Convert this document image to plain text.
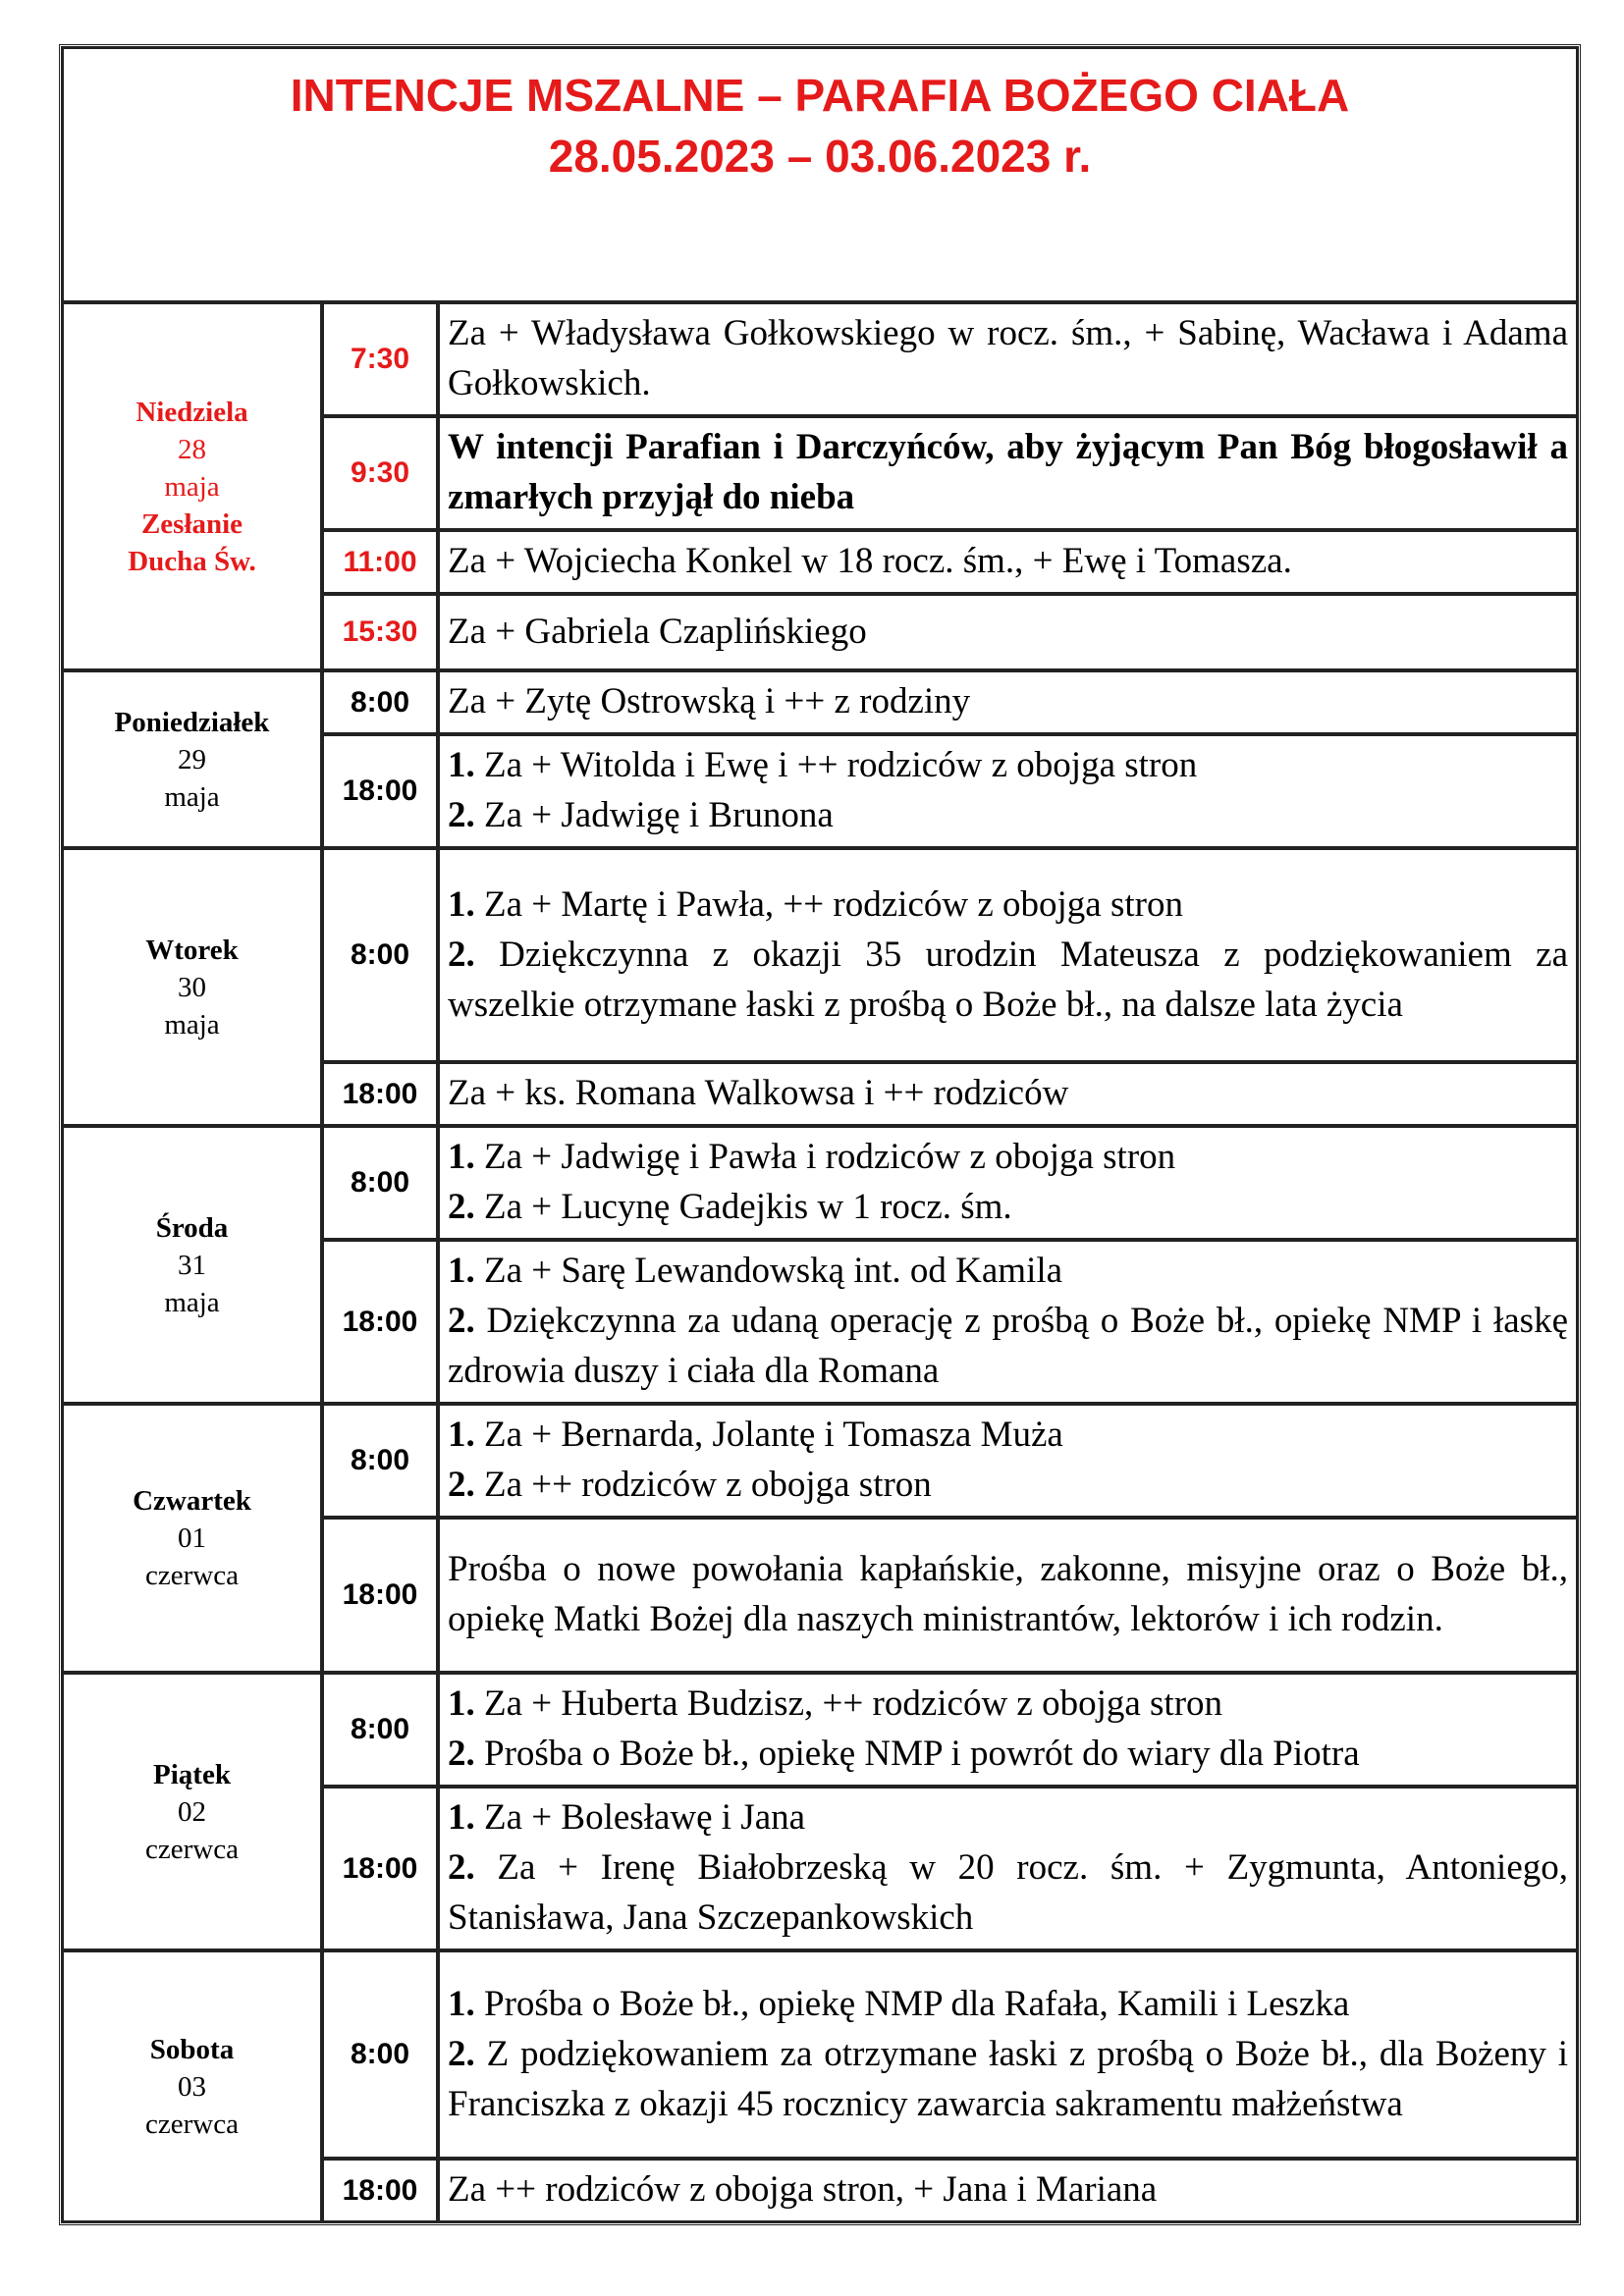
INTENCJE MSZALNE – PARAFIA BOŻEGO CIAŁA
28.05.2023 – 03.06.2023 r.		

Niedziela
28
maja
Zesłanie
Ducha Św.	7:30	Za + Władysława Gołkowskiego w rocz. śm., + Sabinę, Wacława i Adama Gołkowskich.

	9:30	W intencji Parafian i Darczyńców, aby żyjącym Pan Bóg błogosławił a zmarłych przyjął do nieba

	11:00	Za + Wojciecha Konkel w 18 rocz. śm., + Ewę i Tomasza.

	15:30	Za + Gabriela Czaplińskiego

Poniedziałek
29
maja	8:00	Za + Zytę Ostrowską i ++ z rodziny

	18:00	1. Za + Witolda i Ewę i ++ rodziców z obojga stron
2. Za + Jadwigę i Brunona

Wtorek
30
maja	8:00	1. Za + Martę i Pawła, ++ rodziców z obojga stron
2. Dziękczynna z okazji 35 urodzin Mateusza z podziękowaniem za wszelkie otrzymane łaski z prośbą o Boże bł., na dalsze lata życia

	18:00	Za + ks. Romana Walkowsa i ++ rodziców

Środa
31
maja	8:00	1. Za + Jadwigę i Pawła i rodziców z obojga stron
2. Za + Lucynę Gadejkis w 1 rocz. śm.

	18:00	1. Za + Sarę Lewandowską int. od Kamila
2. Dziękczynna za udaną operację z prośbą o Boże bł., opiekę NMP i łaskę zdrowia duszy i ciała dla Romana

Czwartek
01
czerwca	8:00	1. Za + Bernarda, Jolantę i Tomasza Muża
2. Za ++ rodziców z obojga stron

	18:00	Prośba o nowe powołania kapłańskie, zakonne, misyjne oraz o Boże bł., opiekę Matki Bożej dla naszych ministrantów, lektorów i ich rodzin.

Piątek
02
czerwca	8:00	1. Za + Huberta Budzisz, ++ rodziców z obojga stron
2. Prośba o Boże bł., opiekę NMP i powrót do wiary dla Piotra

	18:00	1. Za + Bolesławę i Jana
2. Za + Irenę Białobrzeską w 20 rocz. śm. + Zygmunta, Antoniego, Stanisława, Jana Szczepankowskich

Sobota
03
czerwca	8:00	1. Prośba o Boże bł., opiekę NMP dla Rafała, Kamili i Leszka
2. Z podziękowaniem za otrzymane łaski z prośbą o Boże bł., dla Bożeny i Franciszka z okazji 45 rocznicy zawarcia sakramentu małżeństwa

	18:00	Za ++ rodziców z obojga stron, + Jana i Mariana
